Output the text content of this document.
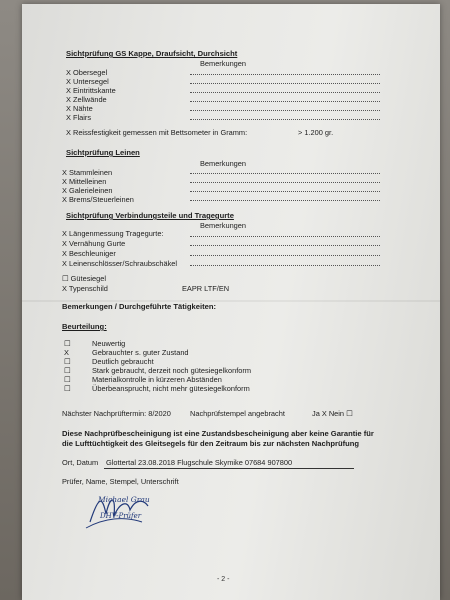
Sichtprüfung GS Kappe, Draufsicht, Durchsicht
Bemerkungen
X Obersegel
X Untersegel
X Eintrittskante
X Zellwände
X Nähte
X Flairs
X Reissfestigkeit gemessen mit Bettsometer in Gramm:	> 1.200 gr.
Sichtprüfung Leinen
Bemerkungen
X Stammleinen
X Mittelleinen
X Galerieleinen
X Brems/Steuerleinen
Sichtprüfung Verbindungsteile und Tragegurte
Bemerkungen
X Längenmessung Tragegurte:
X Vernähung Gurte
X Beschleuniger
X Leinenschlösser/Schraubschäkel
☐ Gütesiegel
X Typenschild	EAPR LTF/EN
Bemerkungen / Durchgeführte Tätigkeiten:
Beurteilung:
☐	Neuwertig
X	Gebrauchter s. guter Zustand
☐	Deutlich gebraucht
☐	Stark gebraucht, derzeit noch gütesiegelkonform
☐	Materialkontrolle in kürzeren Abständen
☐	Überbeansprucht, nicht mehr gütesiegelkonform
Nächster Nachprüftermin: 8/2020	Nachprüfstempel angebracht	Ja X Nein ☐
Diese Nachprüfbescheinigung ist eine Zustandsbescheinigung aber keine Garantie für
die Lufttüchtigkeit des Gleitsegels für den Zeitraum bis zur nächsten Nachprüfung
Ort, Datum Glottertal 23.08.2018 Flugschule Skymike 07684 907800
Prüfer, Name, Stempel, Unterschrift
Michael Grau
DHV-Prüfer
- 2 -
